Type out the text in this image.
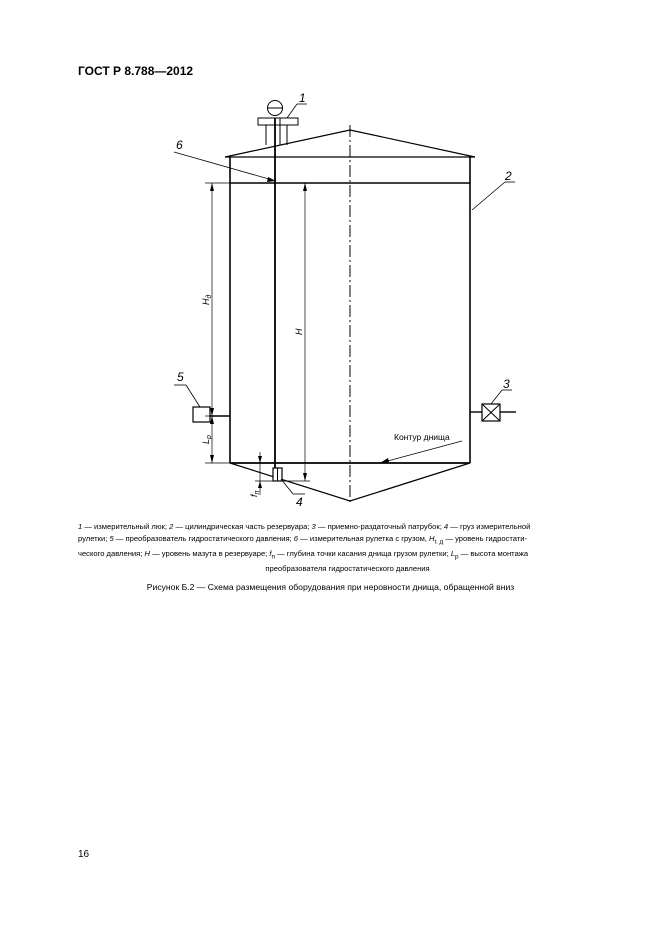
ГОСТ Р 8.788—2012
1
2
3
4
5
6
Контур днища
$H_д$
H
$L_р$
$f_п$
1 — измерительный люк; 2 — цилиндрическая часть резервуара; 3 — приемно-раздаточный патрубок; 4 — груз измерительной
рулетки; 5 — преобразователь гидростатического давления; 6 — измерительная рулетка с грузом, $H_{г. д}$ — уровень гидростати-
ческого давления; H — уровень мазута в резервуаре; $f_п$ — глубина точки касания днища грузом рулетки; $L_р$ — высота монтажа
преобразователя гидростатического давления
Рисунок Б.2 — Схема размещения оборудования при неровности днища, обращенной вниз
16
